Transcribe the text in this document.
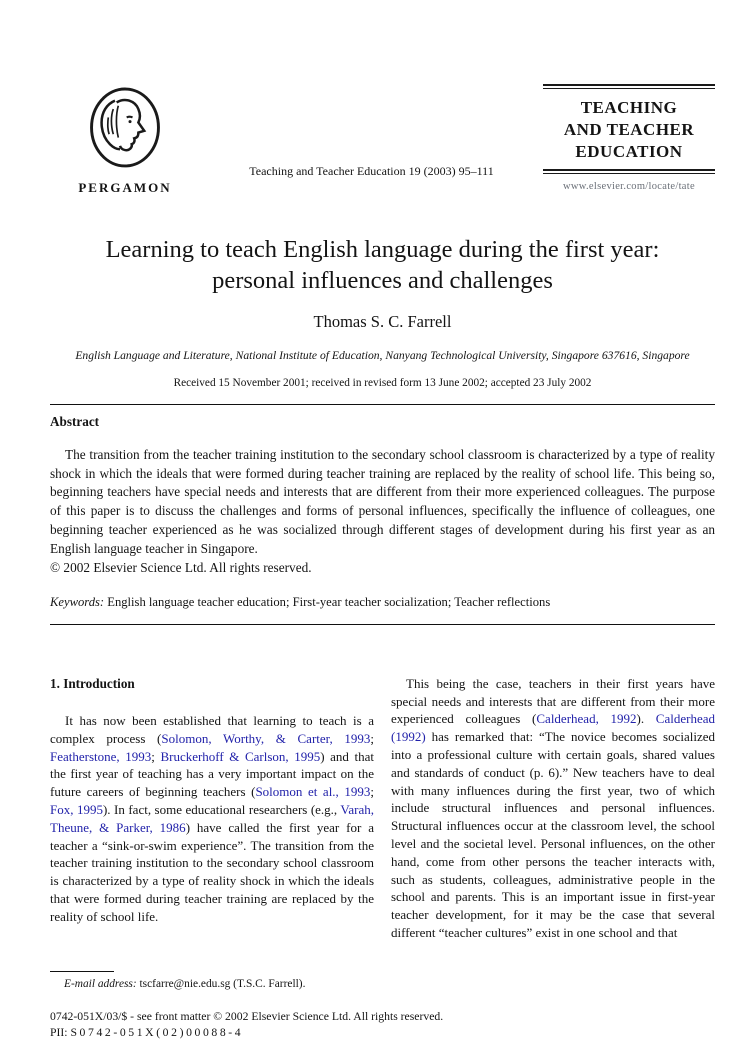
PERGAMON
Teaching and Teacher Education 19 (2003) 95–111
TEACHING
AND TEACHER
EDUCATION
www.elsevier.com/locate/tate
Learning to teach English language during the first year:
personal influences and challenges
Thomas S. C. Farrell
English Language and Literature, National Institute of Education, Nanyang Technological University, Singapore 637616, Singapore
Received 15 November 2001; received in revised form 13 June 2002; accepted 23 July 2002
Abstract

The transition from the teacher training institution to the secondary school classroom is characterized by a type of reality shock in which the ideals that were formed during teacher training are replaced by the reality of school life. This being so, beginning teachers have special needs and interests that are different from their more experienced colleagues. The purpose of this paper is to discuss the challenges and forms of personal influences, specifically the influence of colleagues, one beginning teacher experienced as he was socialized through different stages of development during his first year as an English language teacher in Singapore.

© 2002 Elsevier Science Ltd. All rights reserved.
Keywords: English language teacher education; First-year teacher socialization; Teacher reflections
1. Introduction

It has now been established that learning to teach is a complex process (Solomon, Worthy, & Carter, 1993; Featherstone, 1993; Bruckerhoff & Carlson, 1995) and that the first year of teaching has a very important impact on the future careers of beginning teachers (Solomon et al., 1993; Fox, 1995). In fact, some educational researchers (e.g., Varah, Theune, & Parker, 1986) have called the first year for a teacher a “sink-or-swim experience”. The transition from the teacher training institution to the secondary school classroom is characterized by a type of reality shock in which the ideals that were formed during teacher training are replaced by the reality of school life.

E-mail address: tscfarre@nie.edu.sg (T.S.C. Farrell).

This being the case, teachers in their first years have special needs and interests that are different from their more experienced colleagues (Calderhead, 1992). Calderhead (1992) has remarked that: “The novice becomes socialized into a professional culture with certain goals, shared values and standards of conduct (p. 6).” New teachers have to deal with many influences during the first year, two of which include structural influences and personal influences. Structural influences occur at the classroom level, the school level and the societal level. Personal influences, on the other hand, come from other persons the teacher interacts with, such as students, colleagues, administrative people in the school and parents. This is an important issue in first-year teacher development, for it may be the case that several different “teacher cultures” exist in one school and that

0742-051X/03/$ - see front matter © 2002 Elsevier Science Ltd. All rights reserved.
PII: S0742-051X(02)00088-4
